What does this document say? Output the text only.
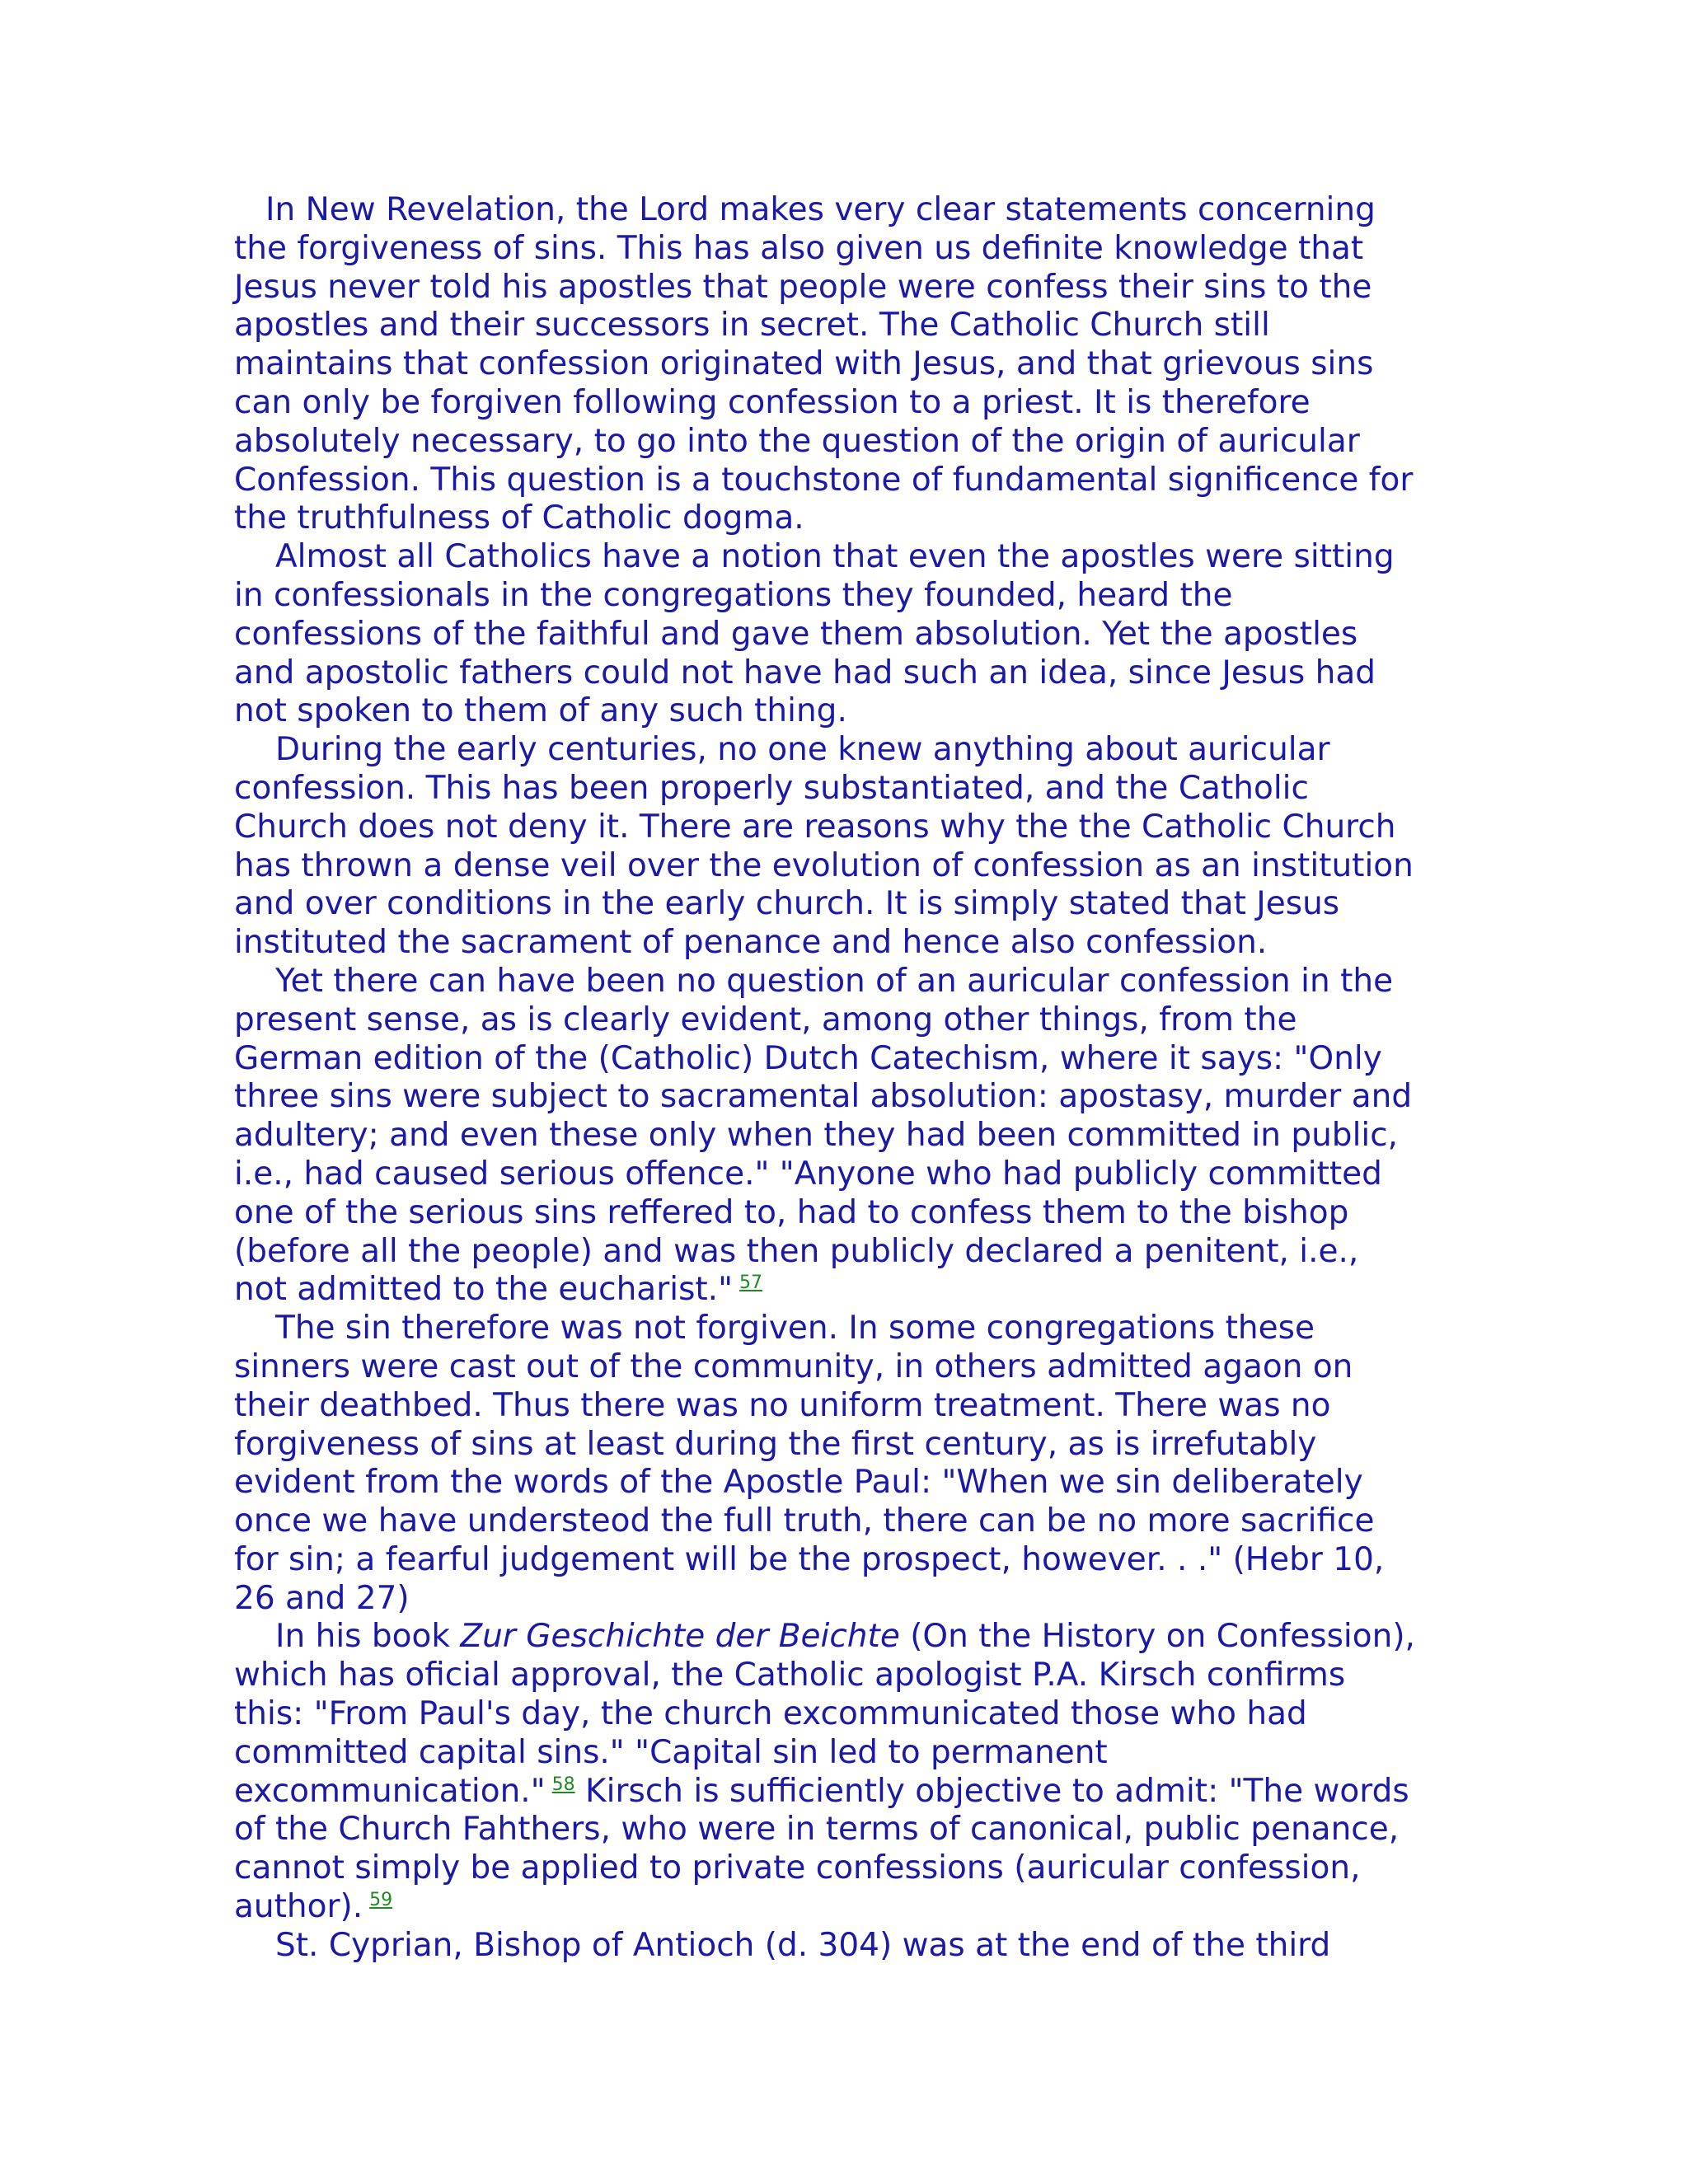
In New Revelation, the Lord makes very clear statements concerning
the forgiveness of sins. This has also given us definite knowledge that
Jesus never told his apostles that people were confess their sins to the
apostles and their successors in secret. The Catholic Church still
maintains that confession originated with Jesus, and that grievous sins
can only be forgiven following confession to a priest. It is therefore
absolutely necessary, to go into the question of the origin of auricular
Confession. This question is a touchstone of fundamental significence for
the truthfulness of Catholic dogma.

Almost all Catholics have a notion that even the apostles were sitting
in confessionals in the congregations they founded, heard the
confessions of the faithful and gave them absolution. Yet the apostles
and apostolic fathers could not have had such an idea, since Jesus had
not spoken to them of any such thing.

During the early centuries, no one knew anything about auricular
confession. This has been properly substantiated, and the Catholic
Church does not deny it. There are reasons why the the Catholic Church
has thrown a dense veil over the evolution of confession as an institution
and over conditions in the early church. It is simply stated that Jesus
instituted the sacrament of penance and hence also confession.

Yet there can have been no question of an auricular confession in the
present sense, as is clearly evident, among other things, from the
German edition of the (Catholic) Dutch Catechism, where it says: "Only
three sins were subject to sacramental absolution: apostasy, murder and
adultery; and even these only when they had been committed in public,
i.e., had caused serious offence." "Anyone who had publicly committed
one of the serious sins reffered to, had to confess them to the bishop
(before all the people) and was then publicly declared a penitent, i.e.,
not admitted to the eucharist." $^{57}$

The sin therefore was not forgiven. In some congregations these
sinners were cast out of the community, in others admitted agaon on
their deathbed. Thus there was no uniform treatment. There was no
forgiveness of sins at least during the first century, as is irrefutably
evident from the words of the Apostle Paul: "When we sin deliberately
once we have understeod the full truth, there can be no more sacrifice
for sin; a fearful judgement will be the prospect, however. . ." (Hebr 10,
26 and 27)

In his book Zur Geschichte der Beichte (On the History on Confession),
which has oficial approval, the Catholic apologist P.A. Kirsch confirms
this: "From Paul's day, the church excommunicated those who had
committed capital sins." "Capital sin led to permanent
excommunication." $^{58}$ Kirsch is sufficiently objective to admit: "The words
of the Church Fahthers, who were in terms of canonical, public penance,
cannot simply be applied to private confessions (auricular confession,
author). $^{59}$

St. Cyprian, Bishop of Antioch (d. 304) was at the end of the third
